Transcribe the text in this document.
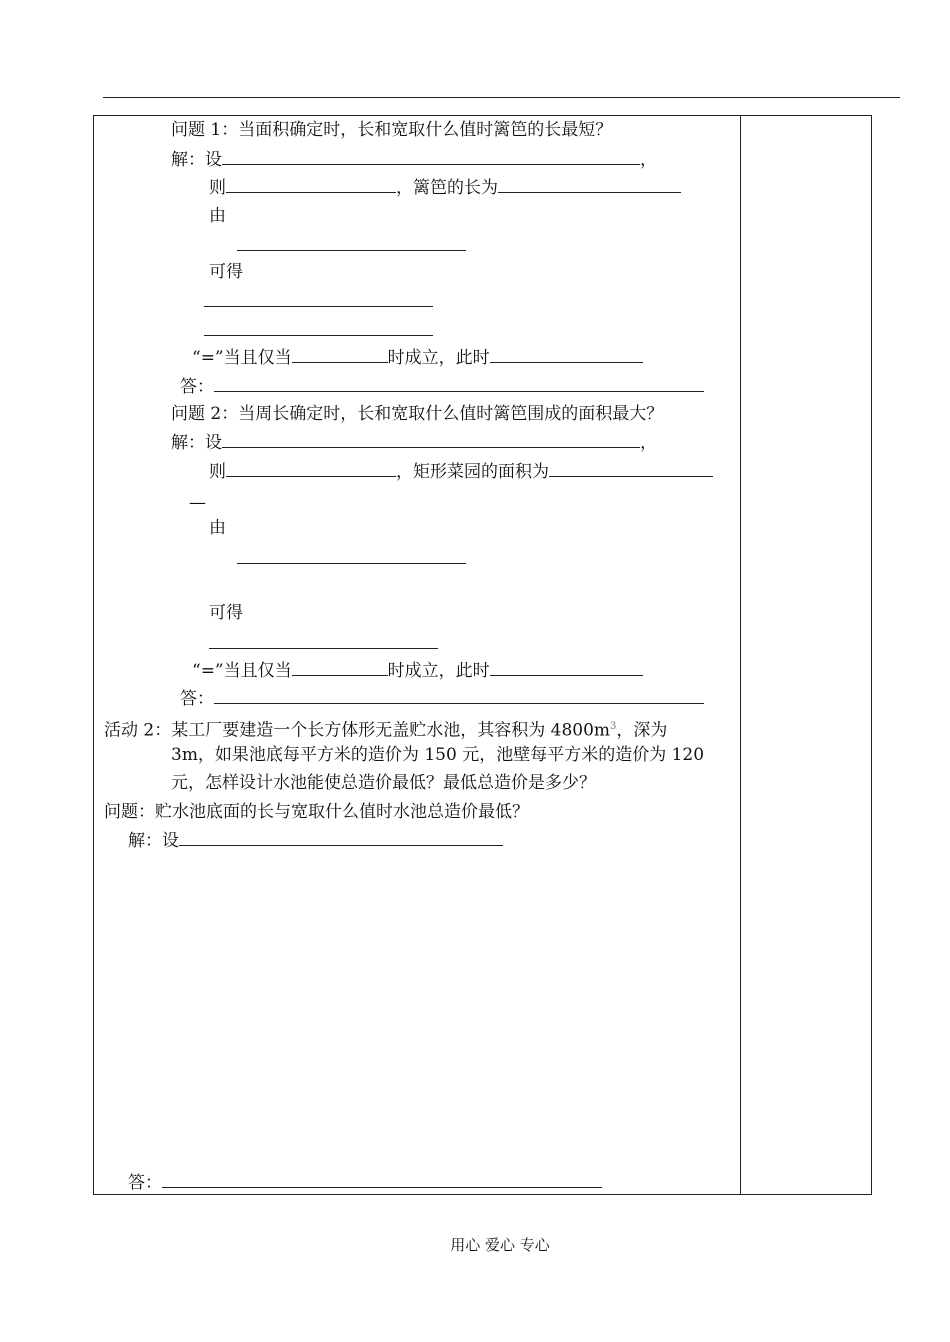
问题 1：当面积确定时，长和宽取什么值时篱笆的长最短？
解：设	，
则	，篱笆的长为
由
可得
“=”当且仅当	时成立，此时
答：
问题 2：当周长确定时，长和宽取什么值时篱笆围成的面积最大？
解：设	，
则	，矩形菜园的面积为
—
由
可得
“=”当且仅当	时成立，此时
答：
活动 2：某工厂要建造一个长方体形无盖贮水池，其容积为 $4800m^3$，深为
3m，如果池底每平方米的造价为 150 元，池壁每平方米的造价为 120
元，怎样设计水池能使总造价最低？最低总造价是多少？
问题：贮水池底面的长与宽取什么值时水池总造价最低？
解：设
答：
用心 爱心 专心
